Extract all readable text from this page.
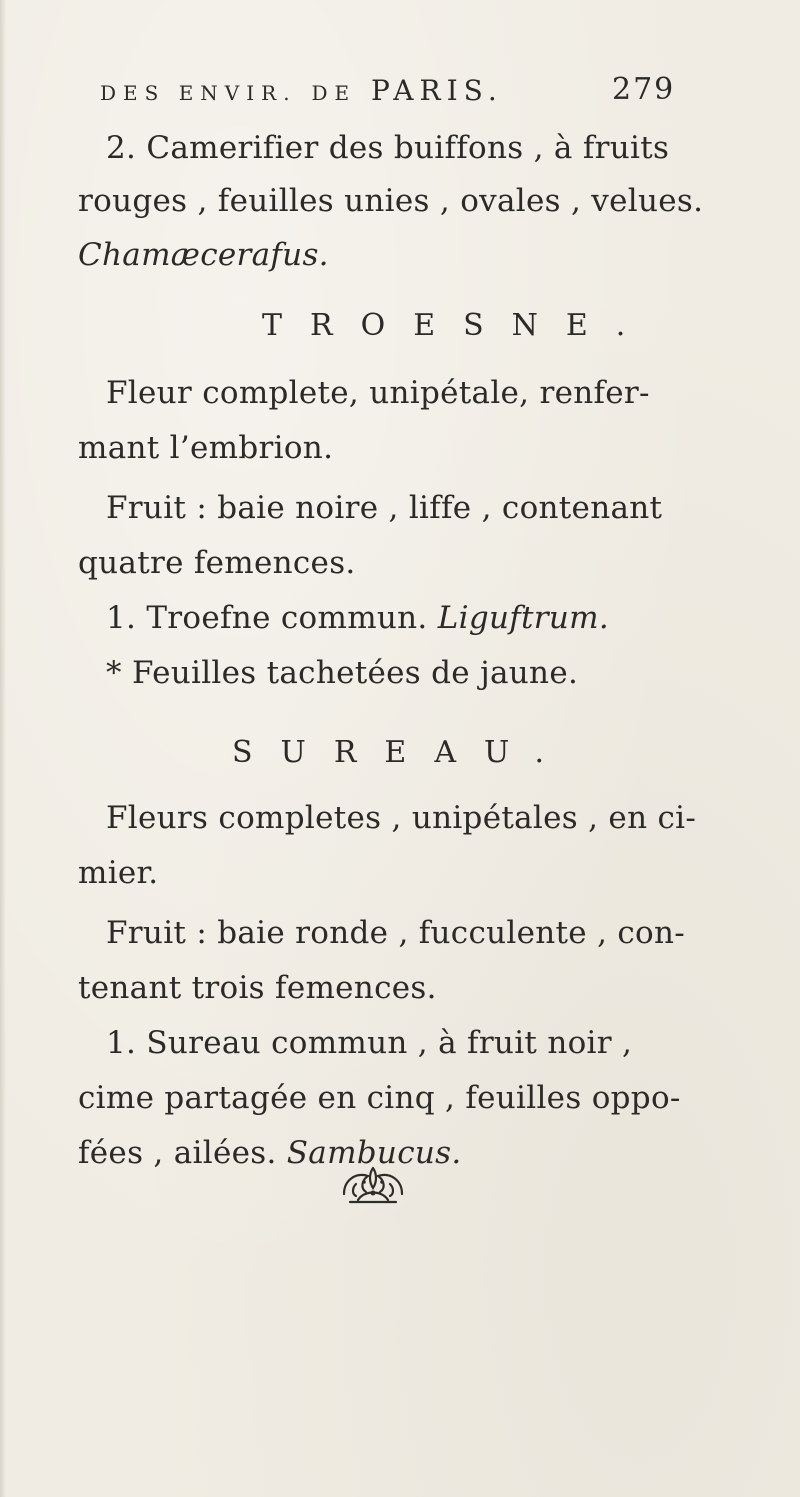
DES ENVIR. DE PARIS.	279
2. Camerifier des buiffons , à fruits
rouges , feuilles unies , ovales , velues.
Chamæcerafus.
TROESNE.
Fleur complete, unipétale, renfer-
mant l’embrion.
Fruit : baie noire , liffe , contenant
quatre femences.
1. Troefne commun. Liguftrum.
* Feuilles tachetées de jaune.
SUREAU.
Fleurs completes , unipétales , en ci-
mier.
Fruit : baie ronde , fucculente , con-
tenant trois femences.
1. Sureau commun , à fruit noir ,
cime partagée en cinq , feuilles oppo-
fées , ailées. Sambucus.
